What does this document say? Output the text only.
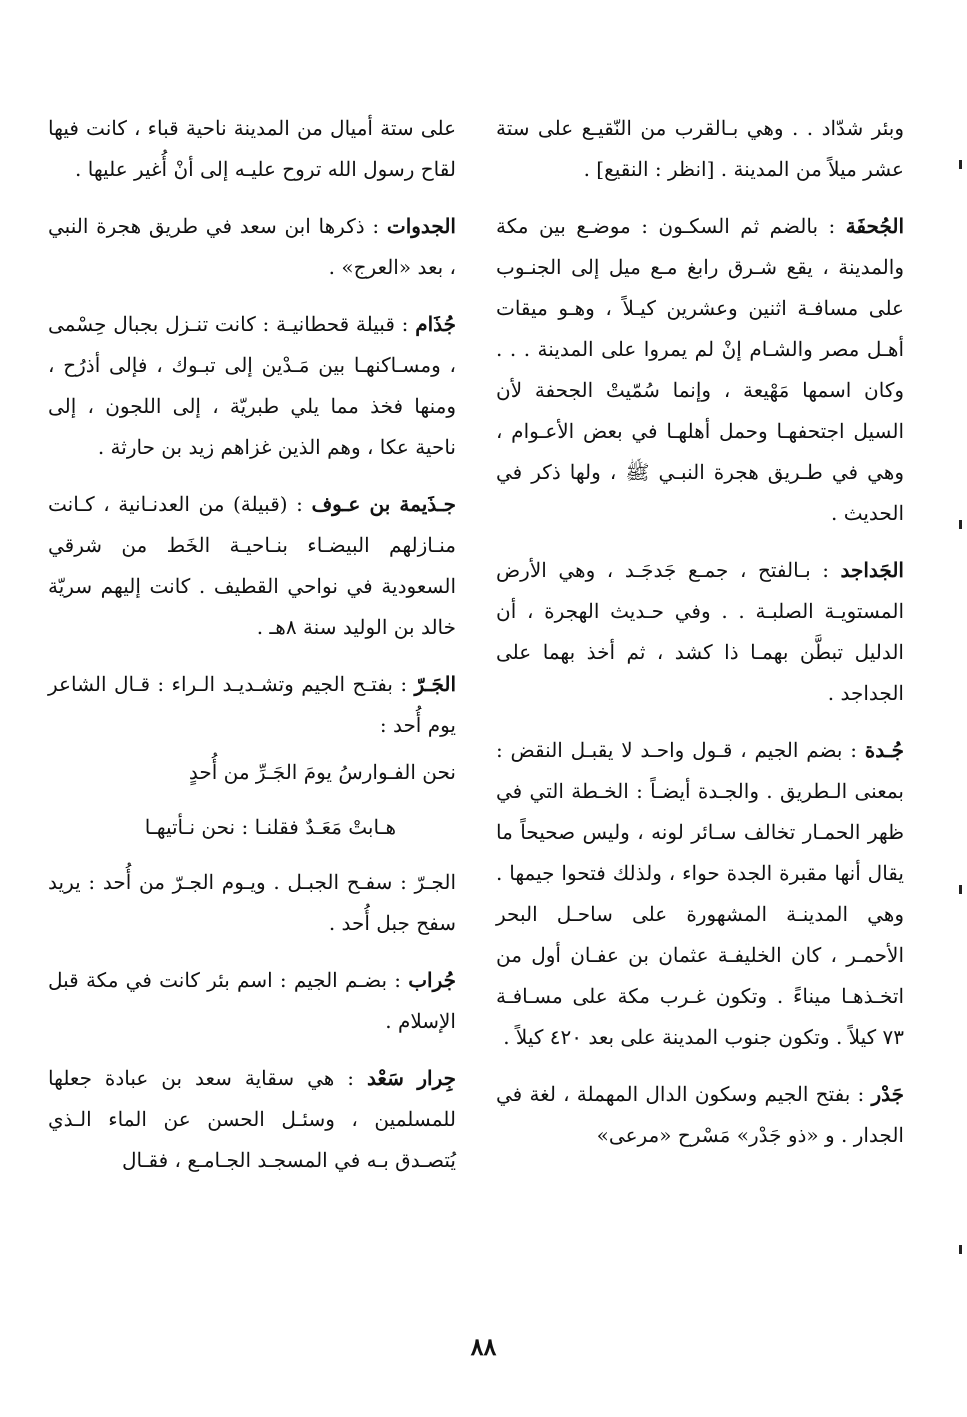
وبئر شدّاد . . وهي بـالقرب من النّقيـع على ستة عشر ميلاً من المدينة . [انظر : النقيع] .

الجُحفَة : بالضم ثم السكـون : موضـع بين مكة والمدينة ، يقع شـرق رابغ مـع ميل إلى الجنـوب على مسافـة اثنين وعشرين كيـلاً ، وهـو ميقات أهـل مصر والشـام إنْ لم يمروا على المدينة . . . وكان اسمها مَهْيعة ، وإنما سُمّيتْ الجحفة لأن السيل اجتحفهـا وحمل أهلهـا في بعض الأعـوام ، وهي في طـريق هجرة النبـي ﷺ ، ولها ذكر في الحديث .

الجَداجد : بـالفتح ، جمـع جَدجَـد ، وهي الأرض المستويـة الصلبـة . . وفي حـديث الهجرة ، أن الدليل تبطَّن بهمـا ذا كشد ، ثم أخذ بهما على الجداجد .

جُـدة : بضم الجيم ، قـول واحـد لا يقبـل النقض : بمعنى الـطريق . والجـدة أيضـاً : الخـطة التي في ظهر الحمـار تخالف سـائر لونه ، وليس صحيحاً ما يقال أنها مقبرة الجدة حواء ، ولذلك فتحوا جيمها . وهي المدينـة المشهورة على ساحـل البحر الأحمـر ، كان الخليفـة عثمان بن عفـان أول من اتخـذهـا ميناءً . وتكون غـرب مكة على مسـافـة ٧٣ كيلاً . وتكون جنوب المدينة على بعد ٤٢٠ كيلاً .

جَدْر : بفتح الجيم وسكون الدال المهملة ، لغة في الجدار . و «ذو جَدْر» مَسْرح «مرعى»

على ستة أميال من المدينة ناحية قباء ، كانت فيها لقاح رسول الله تروح عليـه إلى أنْ أُغير عليها .

الجدوات : ذكرها ابن سعد في طريق هجرة النبي ، بعد «العرج» .

جُذَام : قبيلة قحطانيـة : كانت تنـزل بجبال حِسْمى ، ومسـاكنهـا بين مَـدْين إلى تبـوك ، فإلى أذرُح ، ومنها فخذ مما يلي طبريّة ، إلى اللجون ، إلى ناحية عكا ، وهم الذين غزاهم زيد بن حارثة .

جـذَيمة بن عـوف : (قبيلة) من العدنـانية ، كـانت منـازلهم البيضـاء بنـاحيـة الخَط من شرقي السعودية في نواحي القطيف . كانت إليهم سريّة خالد بن الوليد سنة ٨هـ .

الجَـرّ : بفتـح الجيم وتشـديـد الـراء : قـال الشاعر يوم أُحد :

نحن الفـوارسُ يومَ الجَـرِّ من أُحدٍ

هـابتْ مَعَـدٌ فقلنـا : نحن نـأتيهـا

الجـرّ : سفـح الجبـل . ويـوم الجـرّ من أُحد : يريد سفح جبل أُحد .

جُراب : بضـم الجيم : اسم بئر كانت في مكة قبل الإسلام .

جِرار سَعْد : هي سقاية سعد بن عبادة جعلها للمسلمين ، وسئـل الحسن عن الماء الـذي يُتصـدق بـه في المسجـد الجـامـع ، فقـال

٨٨
